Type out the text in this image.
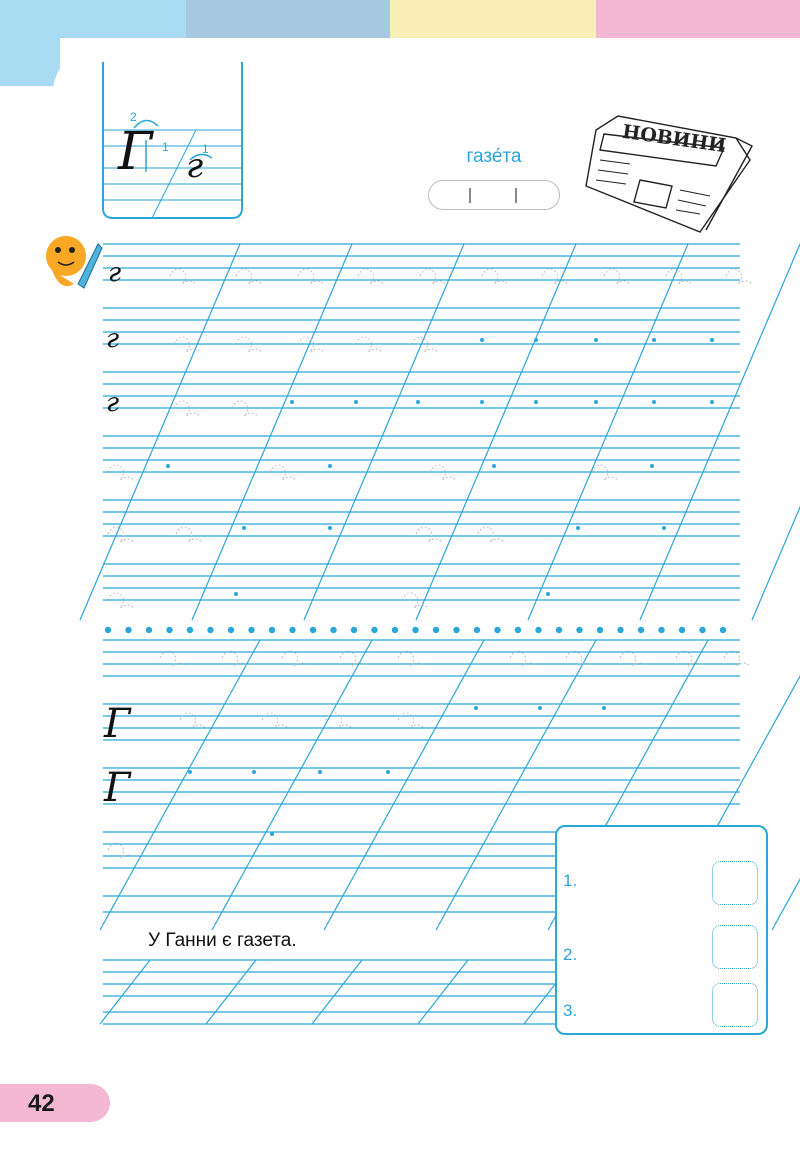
2
1	1
Г г	газе́та	НОВИНИ
г
г
г
Г
Г
У Ганни є газета.
1.
2.
3.
42
